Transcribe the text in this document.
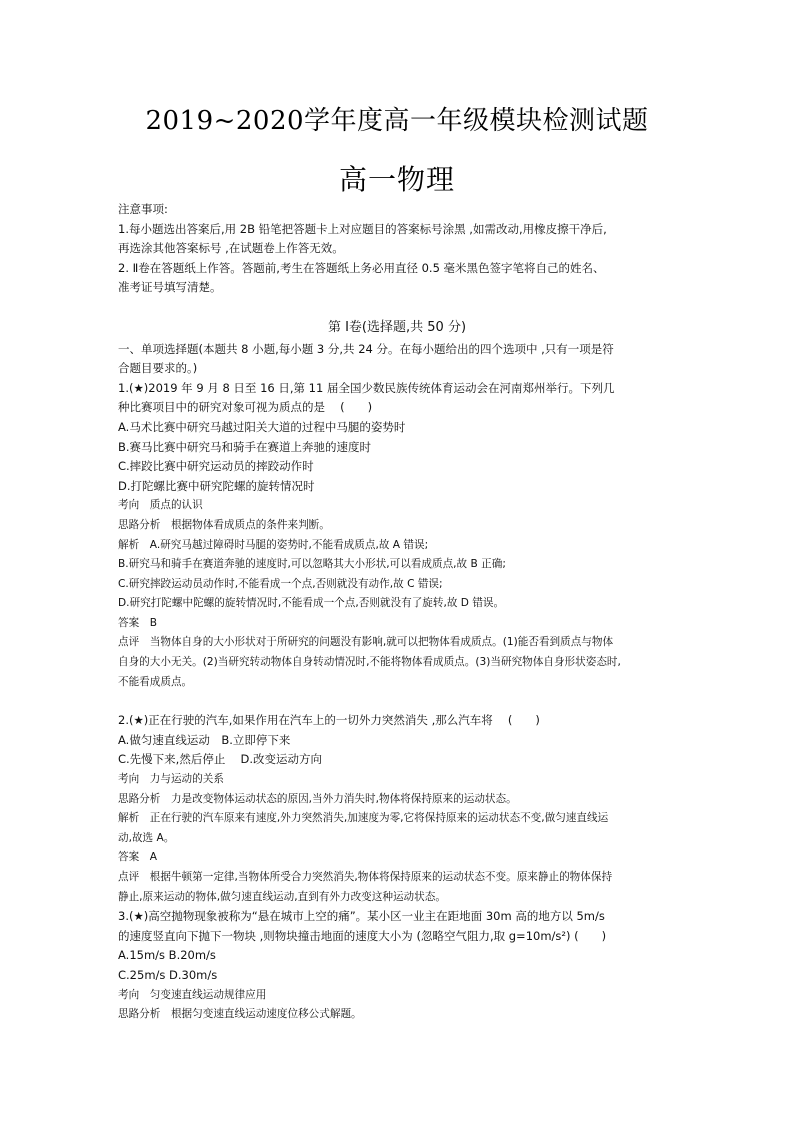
2019~2020学年度高一年级模块检测试题
高一物理
注意事项:
1.每小题选出答案后,用 2B 铅笔把答题卡上对应题目的答案标号涂黑 ,如需改动,用橡皮擦干净后,
再选涂其他答案标号 ,在试题卷上作答无效。
2. Ⅱ卷在答题纸上作答。答题前,考生在答题纸上务必用直径 0.5 毫米黑色签字笔将自己的姓名、
准考证号填写清楚。
第 Ⅰ卷(选择题,共 50 分)
一、单项选择题(本题共 8 小题,每小题 3 分,共 24 分。在每小题给出的四个选项中 ,只有一项是符
合题目要求的。)
1.(★)2019 年 9 月 8 日至 16 日,第 11 届全国少数民族传统体育运动会在河南郑州举行。下列几
种比赛项目中的研究对象可视为质点的是　 (　　)
A.马术比赛中研究马越过阳关大道的过程中马腿的姿势时
B.赛马比赛中研究马和骑手在赛道上奔驰的速度时
C.摔跤比赛中研究运动员的摔跤动作时
D.打陀螺比赛中研究陀螺的旋转情况时
考向　质点的认识
思路分析　根据物体看成质点的条件来判断。
解析　A.研究马越过障碍时马腿的姿势时,不能看成质点,故 A 错误;
B.研究马和骑手在赛道奔驰的速度时,可以忽略其大小形状,可以看成质点,故 B 正确;
C.研究摔跤运动员动作时,不能看成一个点,否则就没有动作,故 C 错误;
D.研究打陀螺中陀螺的旋转情况时,不能看成一个点,否则就没有了旋转,故 D 错误。
答案　B
点评　当物体自身的大小形状对于所研究的问题没有影响,就可以把物体看成质点。(1)能否看到质点与物体
自身的大小无关。(2)当研究转动物体自身转动情况时,不能将物体看成质点。(3)当研究物体自身形状姿态时,
不能看成质点。
2.(★)正在行驶的汽车,如果作用在汽车上的一切外力突然消失 ,那么汽车将　 (　　)
A.做匀速直线运动　B.立即停下来
C.先慢下来,然后停止　 D.改变运动方向
考向　力与运动的关系
思路分析　力是改变物体运动状态的原因,当外力消失时,物体将保持原来的运动状态。
解析　正在行驶的汽车原来有速度,外力突然消失,加速度为零,它将保持原来的运动状态不变,做匀速直线运
动,故选 A。
答案　A
点评　根据牛顿第一定律,当物体所受合力突然消失,物体将保持原来的运动状态不变。原来静止的物体保持
静止,原来运动的物体,做匀速直线运动,直到有外力改变这种运动状态。
3.(★)高空抛物现象被称为“悬在城市上空的痛”。某小区一业主在距地面 30m 高的地方以 5m/s
的速度竖直向下抛下一物块 ,则物块撞击地面的速度大小为 (忽略空气阻力,取 g=10m/s²) (　　)
A.15m/s B.20m/s
C.25m/s D.30m/s
考向　匀变速直线运动规律应用
思路分析　根据匀变速直线运动速度位移公式解题。
